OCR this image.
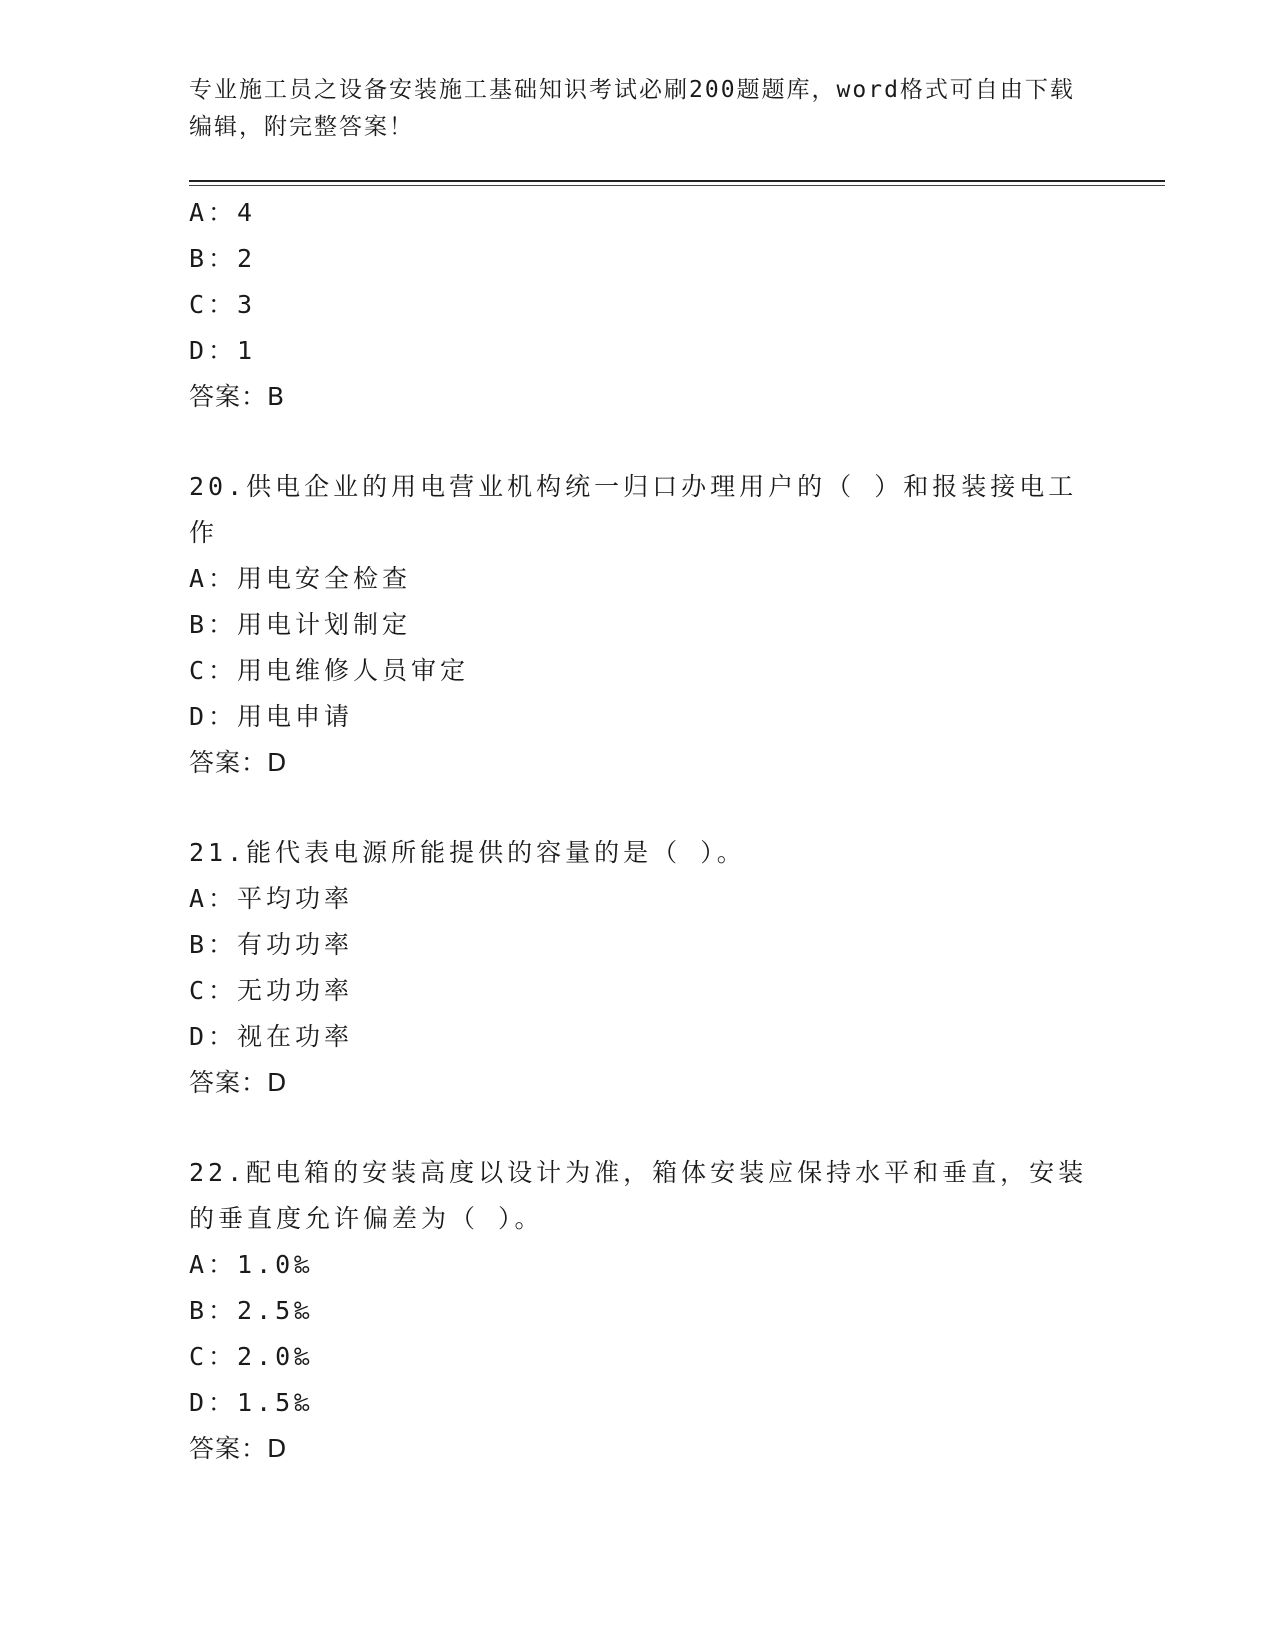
专业施工员之设备安装施工基础知识考试必刷200题题库，word格式可自由下载
编辑，附完整答案！
A：4
B：2
C：3
D：1
答案：B
20.供电企业的用电营业机构统一归口办理用户的（ ）和报装接电工
作
A：用电安全检查
B：用电计划制定
C：用电维修人员审定
D：用电申请
答案：D
21.能代表电源所能提供的容量的是（ ）。
A：平均功率
B：有功功率
C：无功功率
D：视在功率
答案：D
22.配电箱的安装高度以设计为准，箱体安装应保持水平和垂直，安装
的垂直度允许偏差为（ ）。
A：1.0‰
B：2.5‰
C：2.0‰
D：1.5‰
答案：D
